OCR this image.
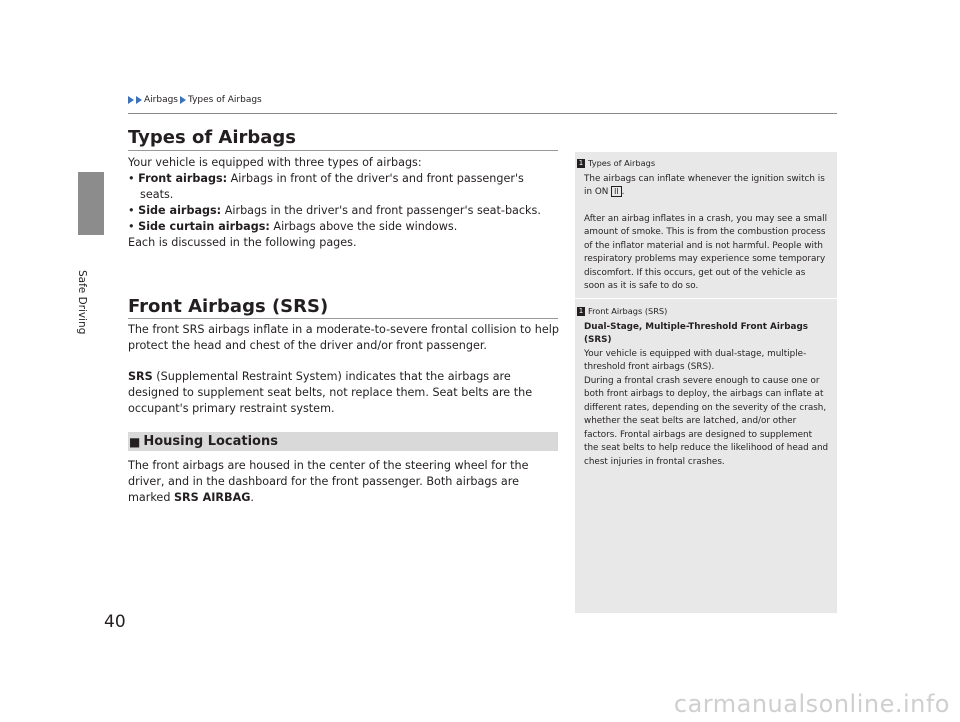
Safe Driving
40
Airbags Types of Airbags
Types of Airbags

Your vehicle is equipped with three types of airbags:

• Front airbags: Airbags in front of the driver's and front passenger's seats.

• Side airbags: Airbags in the driver's and front passenger's seat-backs.

• Side curtain airbags: Airbags above the side windows.

Each is discussed in the following pages.

Front Airbags (SRS)

The front SRS airbags inflate in a moderate-to-severe frontal collision to help protect the head and chest of the driver and/or front passenger.

SRS (Supplemental Restraint System) indicates that the airbags are designed to supplement seat belts, not replace them. Seat belts are the occupant's primary restraint system.

■ Housing Locations

The front airbags are housed in the center of the steering wheel for the driver, and in the dashboard for the front passenger. Both airbags are marked SRS AIRBAG.

1 Types of Airbags

The airbags can inflate whenever the ignition switch is in ON II .

After an airbag inflates in a crash, you may see a small amount of smoke. This is from the combustion process of the inflator material and is not harmful. People with respiratory problems may experience some temporary discomfort. If this occurs, get out of the vehicle as soon as it is safe to do so.

1 Front Airbags (SRS)

Dual-Stage, Multiple-Threshold Front Airbags (SRS)

Your vehicle is equipped with dual-stage, multiple-threshold front airbags (SRS).

During a frontal crash severe enough to cause one or both front airbags to deploy, the airbags can inflate at different rates, depending on the severity of the crash, whether the seat belts are latched, and/or other factors. Frontal airbags are designed to supplement the seat belts to help reduce the likelihood of head and chest injuries in frontal crashes.

carmanualsonline.info
